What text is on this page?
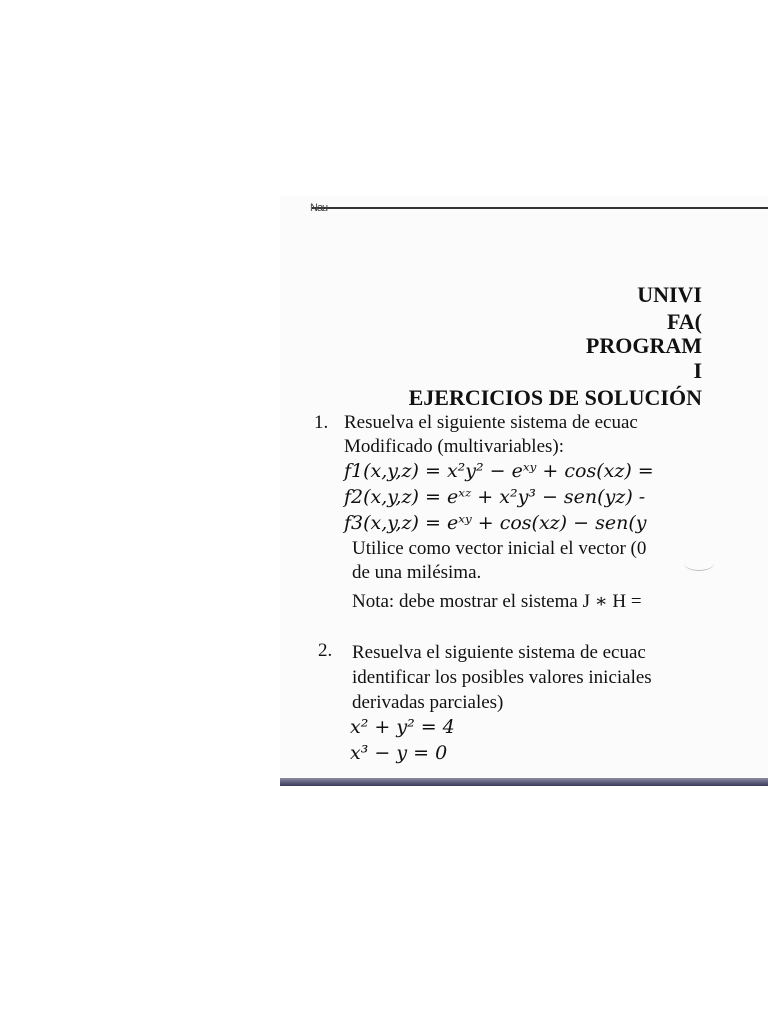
Nau
UNIVI
FA(
PROGRAM
I
EJERCICIOS DE SOLUCIÓN
1. Resuelva el siguiente sistema de ecuac
Modificado (multivariables):
f1(x,y,z) = x²y² − eˣʸ + cos(xz) =
f2(x,y,z) = eˣᶻ + x²y³ − sen(yz) -
f3(x,y,z) = eˣʸ + cos(xz) − sen(y
Utilice como vector inicial el vector (0
de una milésima.
Nota: debe mostrar el sistema J ∗ H =
2. Resuelva el siguiente sistema de ecuac
identificar los posibles valores iniciales
derivadas parciales)
x² + y² = 4
x³ − y = 0
